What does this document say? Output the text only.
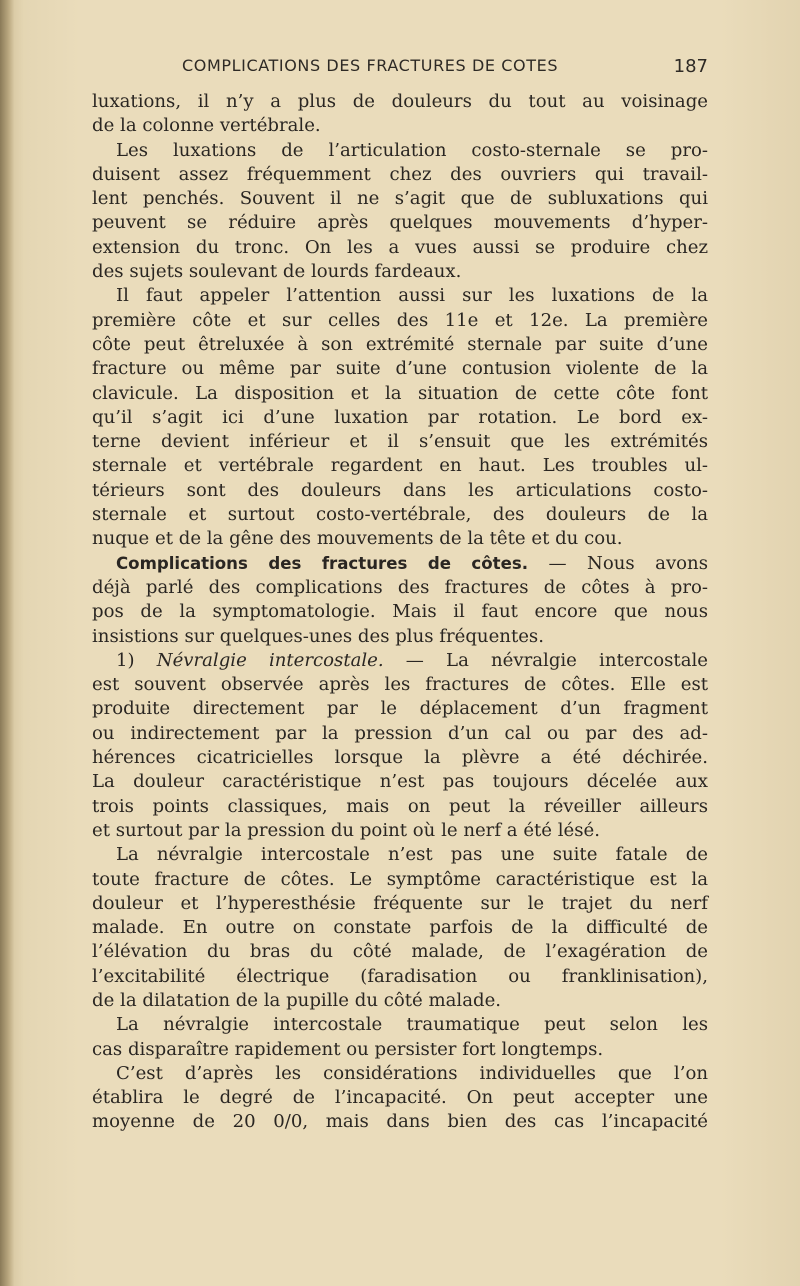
COMPLICATIONS DES FRACTURES DE COTES	187
luxations, il n’y a plus de douleurs du tout au voisinage
de la colonne vertébrale.
Les luxations de l’articulation costo-sternale se pro-
duisent assez fréquemment chez des ouvriers qui travail-
lent penchés. Souvent il ne s’agit que de subluxations qui
peuvent se réduire après quelques mouvements d’hyper-
extension du tronc. On les a vues aussi se produire chez
des sujets soulevant de lourds fardeaux.
Il faut appeler l’attention aussi sur les luxations de la
première côte et sur celles des 11e et 12e. La première
côte peut êtreluxée à son extrémité sternale par suite d’une
fracture ou même par suite d’une contusion violente de la
clavicule. La disposition et la situation de cette côte font
qu’il s’agit ici d’une luxation par rotation. Le bord ex-
terne devient inférieur et il s’ensuit que les extrémités
sternale et vertébrale regardent en haut. Les troubles ul-
térieurs sont des douleurs dans les articulations costo-
sternale et surtout costo-vertébrale, des douleurs de la
nuque et de la gêne des mouvements de la tête et du cou.
Complications des fractures de côtes. — Nous avons
déjà parlé des complications des fractures de côtes à pro-
pos de la symptomatologie. Mais il faut encore que nous
insistions sur quelques-unes des plus fréquentes.
1) Névralgie intercostale. — La névralgie intercostale
est souvent observée après les fractures de côtes. Elle est
produite directement par le déplacement d’un fragment
ou indirectement par la pression d’un cal ou par des ad-
hérences cicatricielles lorsque la plèvre a été déchirée.
La douleur caractéristique n’est pas toujours décelée aux
trois points classiques, mais on peut la réveiller ailleurs
et surtout par la pression du point où le nerf a été lésé.
La névralgie intercostale n’est pas une suite fatale de
toute fracture de côtes. Le symptôme caractéristique est la
douleur et l’hyperesthésie fréquente sur le trajet du nerf
malade. En outre on constate parfois de la difficulté de
l’élévation du bras du côté malade, de l’exagération de
l’excitabilité électrique (faradisation ou franklinisation),
de la dilatation de la pupille du côté malade.
La névralgie intercostale traumatique peut selon les
cas disparaître rapidement ou persister fort longtemps.
C’est d’après les considérations individuelles que l’on
établira le degré de l’incapacité. On peut accepter une
moyenne de 20 0/0, mais dans bien des cas l’incapacité
